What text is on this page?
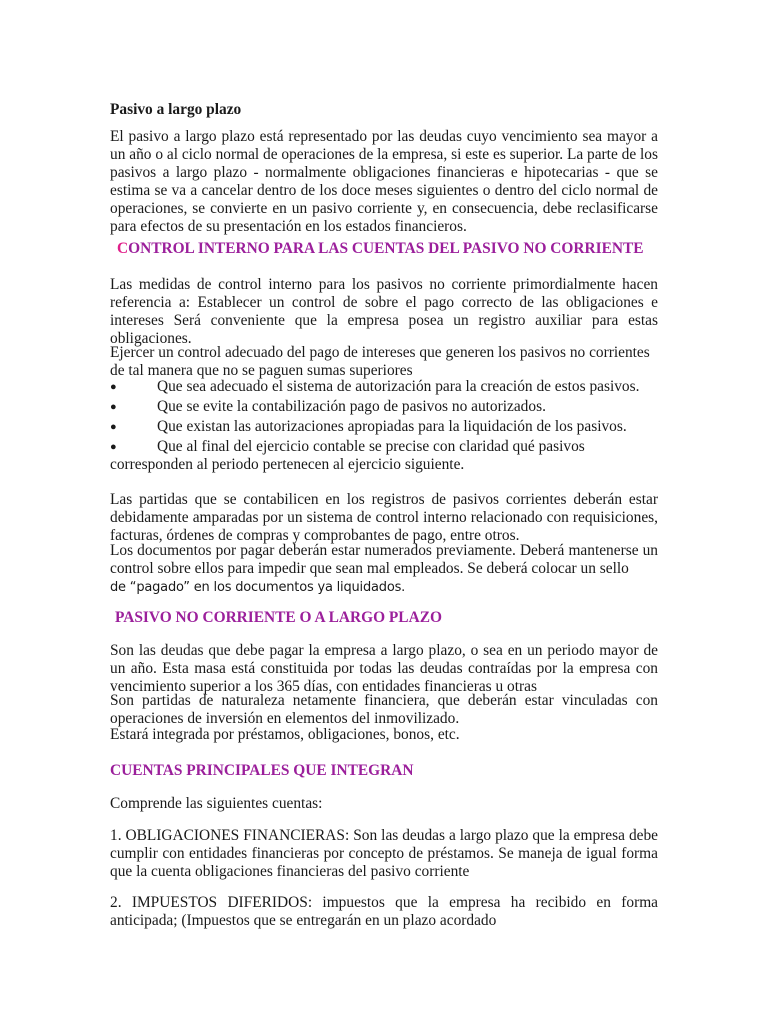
Pasivo a largo plazo

El pasivo a largo plazo está representado por las deudas cuyo vencimiento sea mayor a un año o al ciclo normal de operaciones de la empresa, si este es superior. La parte de los pasivos a largo plazo - normalmente obligaciones financieras e hipotecarias - que se estima se va a cancelar dentro de los doce meses siguientes o dentro del ciclo normal de operaciones, se convierte en un pasivo corriente y, en consecuencia, debe reclasificarse para efectos de su presentación en los estados financieros.

CONTROL INTERNO PARA LAS CUENTAS DEL PASIVO NO CORRIENTE

Las medidas de control interno para los pasivos no corriente primordialmente hacen referencia a: Establecer un control de sobre el pago correcto de las obligaciones e intereses Será conveniente que la empresa posea un registro auxiliar para estas obligaciones.

Ejercer un control adecuado del pago de intereses que generen los pasivos no corrientes de tal manera que no se paguen sumas superiores

●	Que sea adecuado el sistema de autorización para la creación de estos pasivos.
●	Que se evite la contabilización pago de pasivos no autorizados.
●	Que existan las autorizaciones apropiadas para la liquidación de los pasivos.
●	Que al final del ejercicio contable se precise con claridad qué pasivos
corresponden al periodo pertenecen al ejercicio siguiente.

Las partidas que se contabilicen en los registros de pasivos corrientes deberán estar debidamente amparadas por un sistema de control interno relacionado con requisiciones, facturas, órdenes de compras y comprobantes de pago, entre otros.

Los documentos por pagar deberán estar numerados previamente. Deberá mantenerse un control sobre ellos para impedir que sean mal empleados. Se deberá colocar un sello
de “pagado” en los documentos ya liquidados.

PASIVO NO CORRIENTE O A LARGO PLAZO

Son las deudas que debe pagar la empresa a largo plazo, o sea en un periodo mayor de un año. Esta masa está constituida por todas las deudas contraídas por la empresa con vencimiento superior a los 365 días, con entidades financieras u otras

Son partidas de naturaleza netamente financiera, que deberán estar vinculadas con operaciones de inversión en elementos del inmovilizado.

Estará integrada por préstamos, obligaciones, bonos, etc.

CUENTAS PRINCIPALES QUE INTEGRAN

Comprende las siguientes cuentas:

1. OBLIGACIONES FINANCIERAS: Son las deudas a largo plazo que la empresa debe cumplir con entidades financieras por concepto de préstamos. Se maneja de igual forma que la cuenta obligaciones financieras del pasivo corriente

2. IMPUESTOS DIFERIDOS: impuestos que la empresa ha recibido en forma anticipada; (Impuestos que se entregarán en un plazo acordado
